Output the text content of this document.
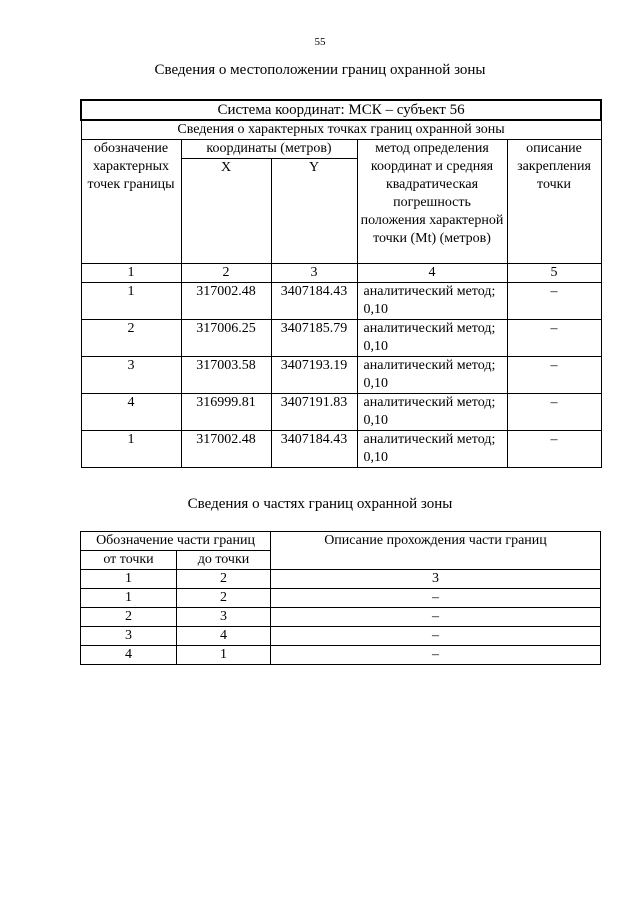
55
Сведения о местоположении границ охранной зоны
Система координат: МСК – субъект 56				
Сведения о характерных точках границ охранной зоны				
обозначение характерных точек границы	координаты (метров)		метод определения координат и средняя квадратическая погрешность положения характерной точки (Mt) (метров)	описание закрепления точки
	X	Y		
1	2	3	4	5
1	317002.48	3407184.43	аналитический метод; 0,10	–
2	317006.25	3407185.79	аналитический метод; 0,10	–
3	317003.58	3407193.19	аналитический метод; 0,10	–
4	316999.81	3407191.83	аналитический метод; 0,10	–
1	317002.48	3407184.43	аналитический метод; 0,10	–
Сведения о частях границ охранной зоны
Обозначение части границ		Описание прохождения части границ
от точки	до точки	
1	2	3
1	2	–
2	3	–
3	4	–
4	1	–
